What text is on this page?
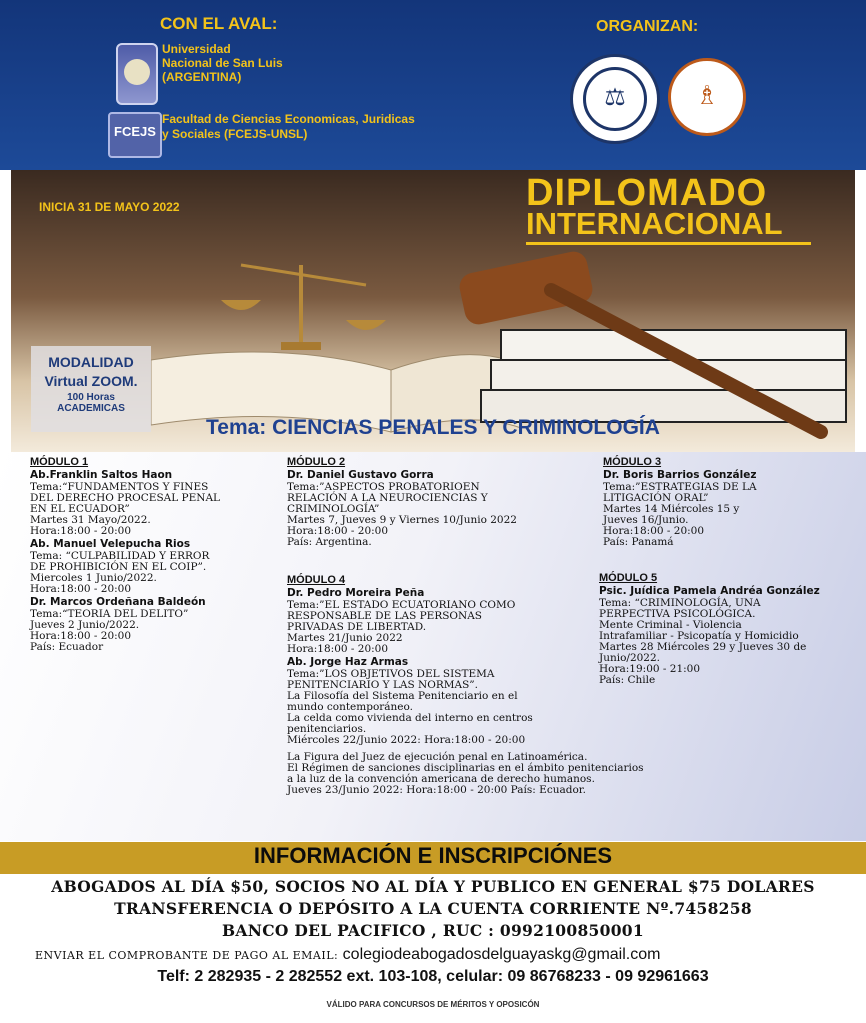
CON EL AVAL:	ORGANIZAN:
Universidad
Nacional de San Luis
(ARGENTINA)
FCEJS
Facultad de Ciencias Economicas, Juridicas
y Sociales (FCEJS-UNSL)
⚖	♗
INICIA 31 DE MAYO 2022	DIPLOMADO
INTERNACIONAL
MODALIDAD
Virtual ZOOM.
100 Horas
ACADEMICAS
Tema: CIENCIAS PENALES Y CRIMINOLOGÍA
MÓDULO 1
Ab.Franklin Saltos Haon
Tema:“FUNDAMENTOS Y FINES
DEL DERECHO PROCESAL PENAL
EN EL ECUADOR”
Martes 31 Mayo/2022.
Hora:18:00 - 20:00
Ab. Manuel Velepucha Rios
Tema: “CULPABILIDAD Y ERROR
DE PROHIBICIÓN EN EL COIP”.
Miercoles 1 Junio/2022.
Hora:18:00 - 20:00
Dr. Marcos Ordeñana Baldeón
Tema:“TEORIA DEL DELITO”
Jueves 2 Junio/2022.
Hora:18:00 - 20:00
País: Ecuador
MÓDULO 2
Dr. Daniel Gustavo Gorra
Tema:”ASPECTOS PROBATORIOEN
RELACIÓN A LA NEUROCIENCIAS Y
CRIMINOLOGÍA”
Martes 7, Jueves 9 y Viernes 10/Junio 2022
Hora:18:00 - 20:00
País: Argentina.
MÓDULO 4
Dr. Pedro Moreira Peña
Tema:”EL ESTADO ECUATORIANO COMO
RESPONSABLE DE LAS PERSONAS
PRIVADAS DE LIBERTAD.
Martes 21/Junio 2022
Hora:18:00 - 20:00
Ab. Jorge Haz Armas
Tema:”LOS OBJETIVOS DEL SISTEMA
PENITENCIARIO Y LAS NORMAS”.
La Filosofía del Sistema Penitenciario en el
mundo contemporáneo.
La celda como vivienda del interno en centros
penitenciarios.
Miércoles 22/Junio 2022: Hora:18:00 - 20:00
La Figura del Juez de ejecución penal en Latinoamérica.
El Régimen de sanciones disciplinarias en el ámbito penitenciarios
a la luz de la convención americana de derecho humanos.
Jueves 23/Junio 2022: Hora:18:00 - 20:00 País: Ecuador.
MÓDULO 3
Dr. Boris Barrios González
Tema:”ESTRATEGIAS DE LA
LITIGACIÓN ORAL”
Martes 14 Miércoles 15 y
Jueves 16/Junio.
Hora:18:00 - 20:00
País: Panamá
MÓDULO 5
Psic. Juídica Pamela Andréa González
Tema: “CRIMINOLOGÍA, UNA
PERPECTIVA PSICOLÓGICA.
Mente Criminal - Violencia
Intrafamiliar - Psicopatía y Homicidio
Martes 28 Miércoles 29 y Jueves 30 de
Junio/2022.
Hora:19:00 - 21:00
País: Chile
INFORMACIÓN E INSCRIPCIÓNES
ABOGADOS AL DÍA $50, SOCIOS NO AL DÍA Y PUBLICO EN GENERAL $75 DOLARES
TRANSFERENCIA O DEPÓSITO A LA CUENTA CORRIENTE Nº.7458258
BANCO DEL PACIFICO , RUC : 0992100850001
ENVIAR EL COMPROBANTE DE PAGO AL EMAIL: colegiodeabogadosdelguayaskg@gmail.com
Telf: 2 282935 - 2 282552 ext. 103-108, celular: 09 86768233 - 09 92961663
VÁLIDO PARA CONCURSOS DE MÉRITOS Y OPOSICÓN
